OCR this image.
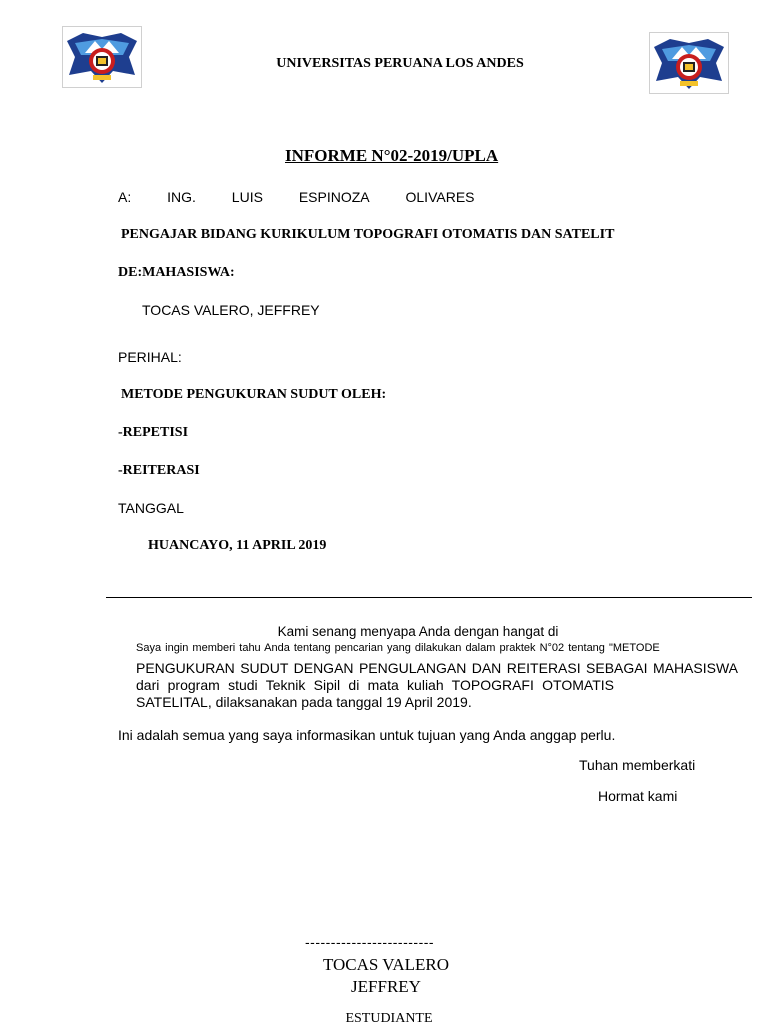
UNIVERSITAS PERUANA LOS ANDES
INFORME N°02-2019/UPLA
A:	ING.	LUIS	ESPINOZA	OLIVARES
PENGAJAR BIDANG KURIKULUM TOPOGRAFI OTOMATIS DAN SATELIT
DE:MAHASISWA:
TOCAS VALERO, JEFFREY
PERIHAL:
METODE PENGUKURAN SUDUT OLEH:
-REPETISI
-REITERASI
TANGGAL
HUANCAYO, 11 APRIL 2019
Kami senang menyapa Anda dengan hangat di
Saya ingin memberi tahu Anda tentang pencarian yang dilakukan dalam praktek N°02 tentang "METODE
PENGUKURAN SUDUT DENGAN PENGULANGAN DAN REITERASI SEBAGAI MAHASISWA
dari program studi Teknik Sipil di mata kuliah TOPOGRAFI OTOMATIS
SATELITAL, dilaksanakan pada tanggal 19 April 2019.
Ini adalah semua yang saya informasikan untuk tujuan yang Anda anggap perlu.
Tuhan memberkati
Hormat kami
-------------------------
TOCAS VALERO
JEFFREY
ESTUDIANTE
